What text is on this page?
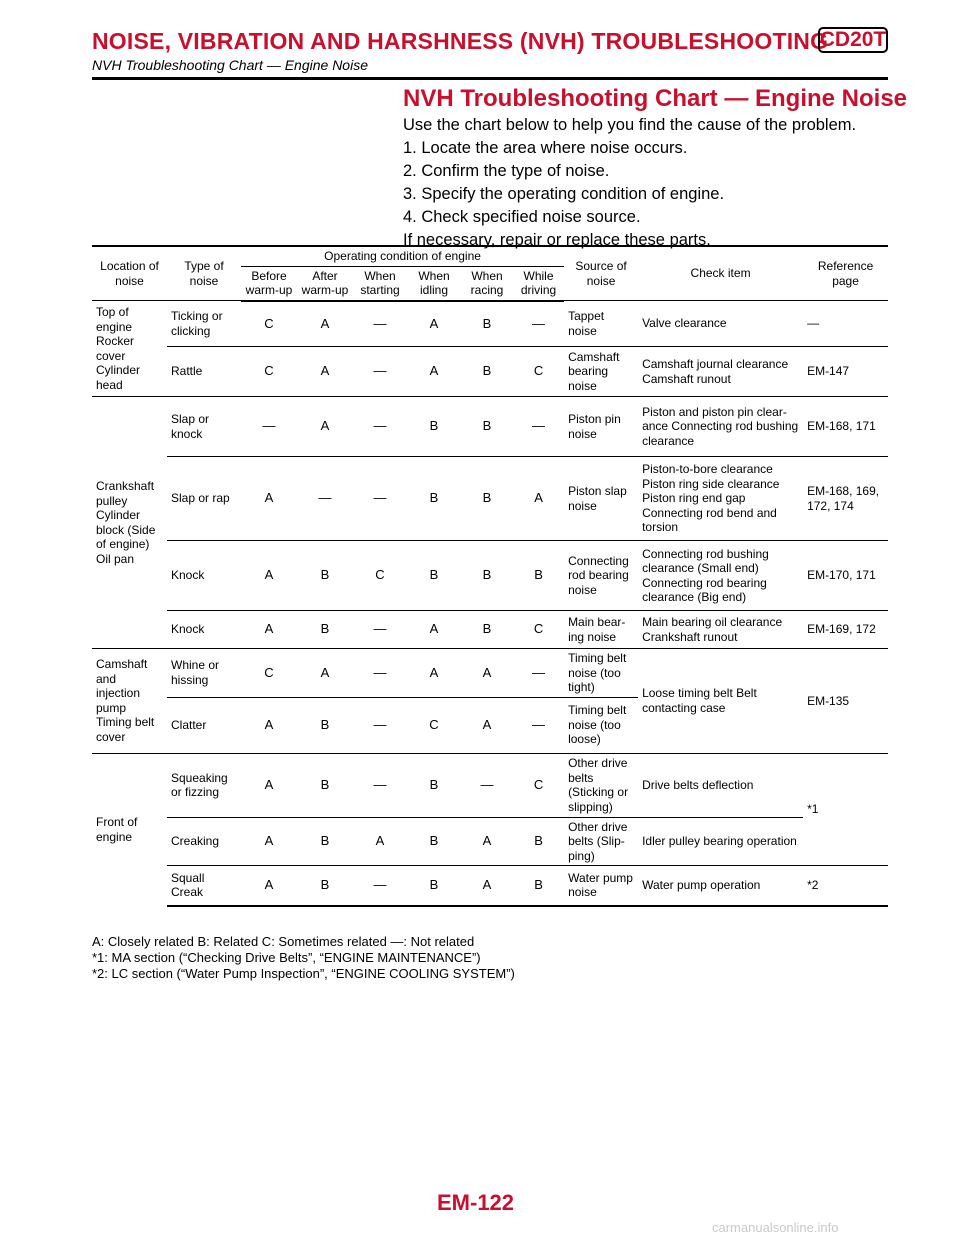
NOISE, VIBRATION AND HARSHNESS (NVH) TROUBLESHOOTING
CD20T
NVH Troubleshooting Chart — Engine Noise
NVH Troubleshooting Chart — Engine Noise
Use the chart below to help you find the cause of the problem.
1. Locate the area where noise occurs.
2. Confirm the type of noise.
3. Specify the operating condition of engine.
4. Check specified noise source.
If necessary, repair or replace these parts.
Location of noise	Type of noise	Operating condition of engine						Source of noise	Check item	Reference page
		Before warm-up	After warm-up	When starting	When idling	When racing	While driving			
Top of engine Rocker cover Cylinder head	Ticking or clicking	C	A	—	A	B	—	Tappet noise	Valve clearance	—
	Rattle	C	A	—	A	B	C	Camshaft bearing noise	Camshaft journal clearance Camshaft runout	EM-147
Crankshaft pulley Cylinder block (Side of engine) Oil pan	Slap or knock	—	A	—	B	B	—	Piston pin noise	Piston and piston pin clear- ance Connecting rod bushing clearance	EM-168, 171
	Slap or rap	A	—	—	B	B	A	Piston slap noise	Piston-to-bore clearance Piston ring side clearance Piston ring end gap Connecting rod bend and torsion	EM-168, 169, 172, 174
	Knock	A	B	C	B	B	B	Connecting rod bearing noise	Connecting rod bushing clearance (Small end) Connecting rod bearing clearance (Big end)	EM-170, 171
	Knock	A	B	—	A	B	C	Main bear- ing noise	Main bearing oil clearance Crankshaft runout	EM-169, 172
Camshaft and injection pump Timing belt cover	Whine or hissing	C	A	—	A	A	—	Timing belt noise (too tight)	Loose timing belt Belt contacting case	EM-135
	Clatter	A	B	—	C	A	—	Timing belt noise (too loose)		
Front of engine	Squeaking or fizzing	A	B	—	B	—	C	Other drive belts (Sticking or slipping)	Drive belts deflection	*1
	Creaking	A	B	A	B	A	B	Other drive belts (Slip- ping)	Idler pulley bearing operation	
	Squall Creak	A	B	—	B	A	B	Water pump noise	Water pump operation	*2
A: Closely related B: Related C: Sometimes related —: Not related
*1: MA section (“Checking Drive Belts”, “ENGINE MAINTENANCE”)
*2: LC section (“Water Pump Inspection”, “ENGINE COOLING SYSTEM”)
EM-122
carmanualsonline.info
